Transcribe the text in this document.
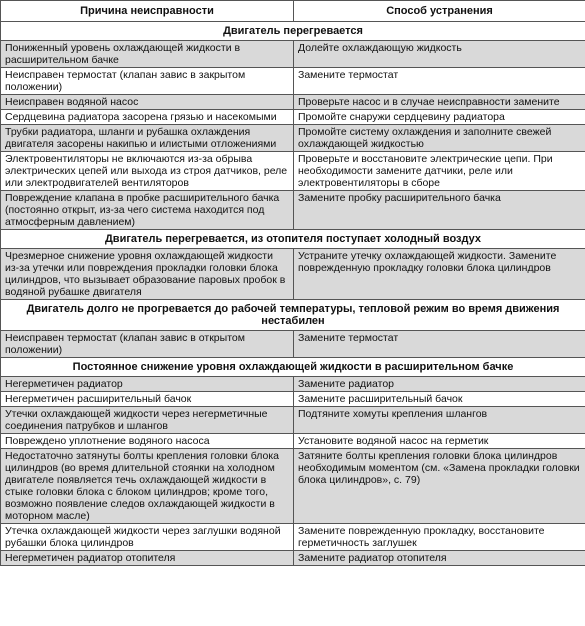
Причина неисправности	Способ устранения
Двигатель перегревается	
Пониженный уровень охлаждающей жидкости в расширительном бачке	Долейте охлаждающую жидкость
Неисправен термостат (клапан завис в закрытом положении)	Замените термостат
Неисправен водяной насос	Проверьте насос и в случае неисправности замените
Сердцевина радиатора засорена грязью и насекомыми	Промойте снаружи сердцевину радиатора
Трубки радиатора, шланги и рубашка охлаждения двигателя засорены накипью и илистыми отложениями	Промойте систему охлаждения и заполните свежей охлаждающей жидкостью
Электровентиляторы не включаются из-за обрыва электрических цепей или выхода из строя датчиков, реле или электродвигателей вентиляторов	Проверьте и восстановите электрические цепи. При необходимости замените датчики, реле или электровентиляторы в сборе
Повреждение клапана в пробке расширительного бачка (постоянно открыт, из-за чего система находится под атмосферным давлением)	Замените пробку расширительного бачка
Двигатель перегревается, из отопителя поступает холодный воздух	
Чрезмерное снижение уровня охлаждающей жидкости из-за утечки или повреждения прокладки головки блока цилиндров, что вызывает образование паровых пробок в водяной рубашке двигателя	Устраните утечку охлаждающей жидкости. Замените поврежденную прокладку головки блока цилиндров
Двигатель долго не прогревается до рабочей температуры, тепловой режим во время движения нестабилен	
Неисправен термостат (клапан завис в открытом положении)	Замените термостат
Постоянное снижение уровня охлаждающей жидкости в расширительном бачке	
Негерметичен радиатор	Замените радиатор
Негерметичен расширительный бачок	Замените расширительный бачок
Утечки охлаждающей жидкости через негерметичные соединения патрубков и шлангов	Подтяните хомуты крепления шлангов
Повреждено уплотнение водяного насоса	Установите водяной насос на герметик
Недостаточно затянуты болты крепления головки блока цилиндров (во время длительной стоянки на холодном двигателе появляется течь охлаждающей жидкости в стыке головки блока с блоком цилиндров; кроме того, возможно появление следов охлаждающей жидкости в моторном масле)	Затяните болты крепления головки блока цилиндров необходимым моментом (см. «Замена прокладки головки блока цилиндров», с. 79)
Утечка охлаждающей жидкости через заглушки водяной рубашки блока цилиндров	Замените поврежденную прокладку, восстановите герметичность заглушек
Негерметичен радиатор отопителя	Замените радиатор отопителя
